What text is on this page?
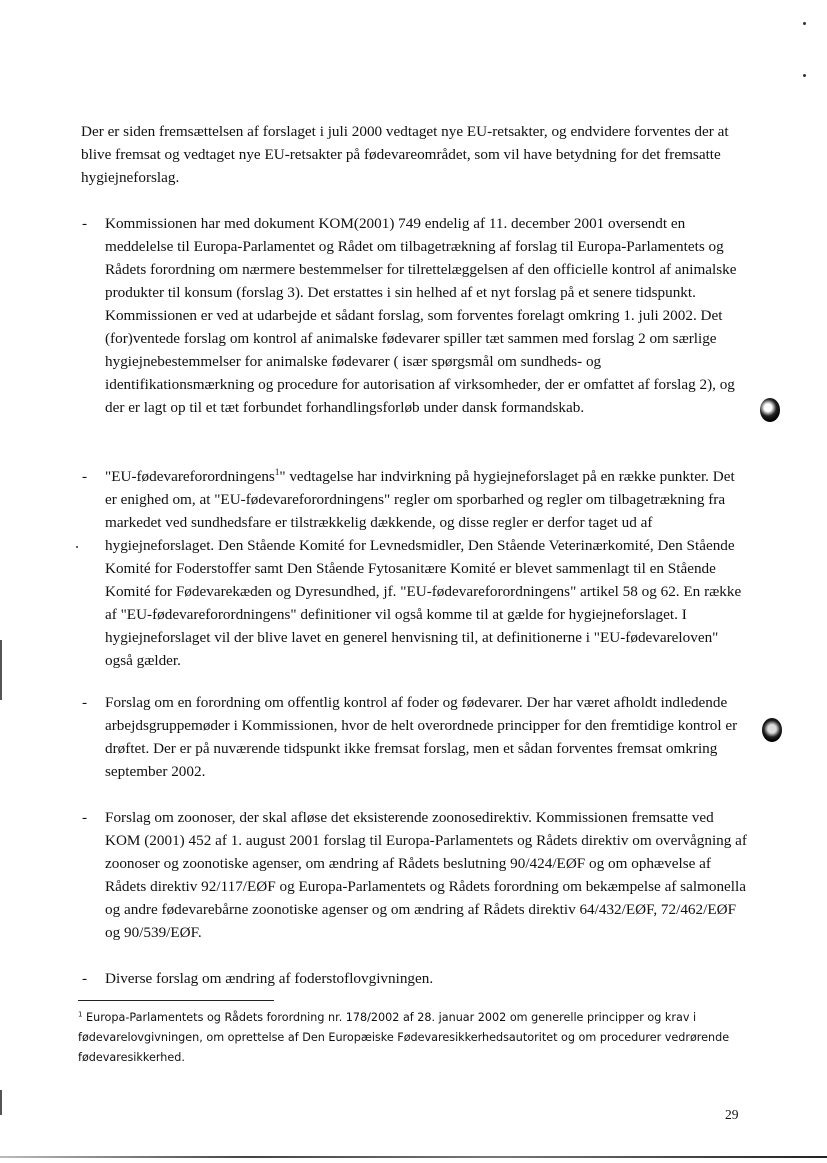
Der er siden fremsættelsen af forslaget i juli 2000 vedtaget nye EU-retsakter, og endvidere forventes der at blive fremsat og vedtaget nye EU-retsakter på fødevareområdet, som vil have betydning for det fremsatte hygiejneforslag.

- Kommissionen har med dokument KOM(2001) 749 endelig af 11. december 2001 oversendt en meddelelse til Europa-Parlamentet og Rådet om tilbagetrækning af forslag til Europa-Parlamentets og Rådets forordning om nærmere bestemmelser for tilrettelæggelsen af den officielle kontrol af animalske produkter til konsum (forslag 3). Det erstattes i sin helhed af et nyt forslag på et senere tidspunkt. Kommissionen er ved at udarbejde et sådant forslag, som forventes forelagt omkring 1. juli 2002. Det (for)ventede forslag om kontrol af animalske fødevarer spiller tæt sammen med forslag 2 om særlige hygiejnebestemmelser for animalske fødevarer ( især spørgsmål om sundheds- og identifikationsmærkning og procedure for autorisation af virksomheder, der er omfattet af forslag 2), og der er lagt op til et tæt forbundet forhandlingsforløb under dansk formandskab.

- "EU-fødevareforordningens$^1$" vedtagelse har indvirkning på hygiejneforslaget på en række punkter. Det er enighed om, at "EU-fødevareforordningens" regler om sporbarhed og regler om tilbagetrækning fra markedet ved sundhedsfare er tilstrækkelig dækkende, og disse regler er derfor taget ud af hygiejneforslaget. Den Stående Komité for Levnedsmidler, Den Stående Veterinærkomité, Den Stående Komité for Foderstoffer samt Den Stående Fytosanitære Komité er blevet sammenlagt til en Stående Komité for Fødevarekæden og Dyresundhed, jf. "EU-fødevareforordningens" artikel 58 og 62. En række af "EU-fødevareforordningens" definitioner vil også komme til at gælde for hygiejneforslaget. I hygiejneforslaget vil der blive lavet en generel henvisning til, at definitionerne i "EU-fødevareloven" også gælder.

- Forslag om en forordning om offentlig kontrol af foder og fødevarer. Der har været afholdt indledende arbejdsgruppemøder i Kommissionen, hvor de helt overordnede principper for den fremtidige kontrol er drøftet. Der er på nuværende tidspunkt ikke fremsat forslag, men et sådan forventes fremsat omkring september 2002.

- Forslag om zoonoser, der skal afløse det eksisterende zoonosedirektiv. Kommissionen fremsatte ved KOM (2001) 452 af 1. august 2001 forslag til Europa-Parlamentets og Rådets direktiv om overvågning af zoonoser og zoonotiske agenser, om ændring af Rådets beslutning 90/424/EØF og om ophævelse af Rådets direktiv 92/117/EØF og Europa-Parlamentets og Rådets forordning om bekæmpelse af salmonella og andre fødevarebårne zoonotiske agenser og om ændring af Rådets direktiv 64/432/EØF, 72/462/EØF og 90/539/EØF.

- Diverse forslag om ændring af foderstoflovgivningen.

$^1$ Europa-Parlamentets og Rådets forordning nr. 178/2002 af 28. januar 2002 om generelle principper og krav i fødevarelovgivningen, om oprettelse af Den Europæiske Fødevaresikkerhedsautoritet og om procedurer vedrørende fødevaresikkerhed.

29
